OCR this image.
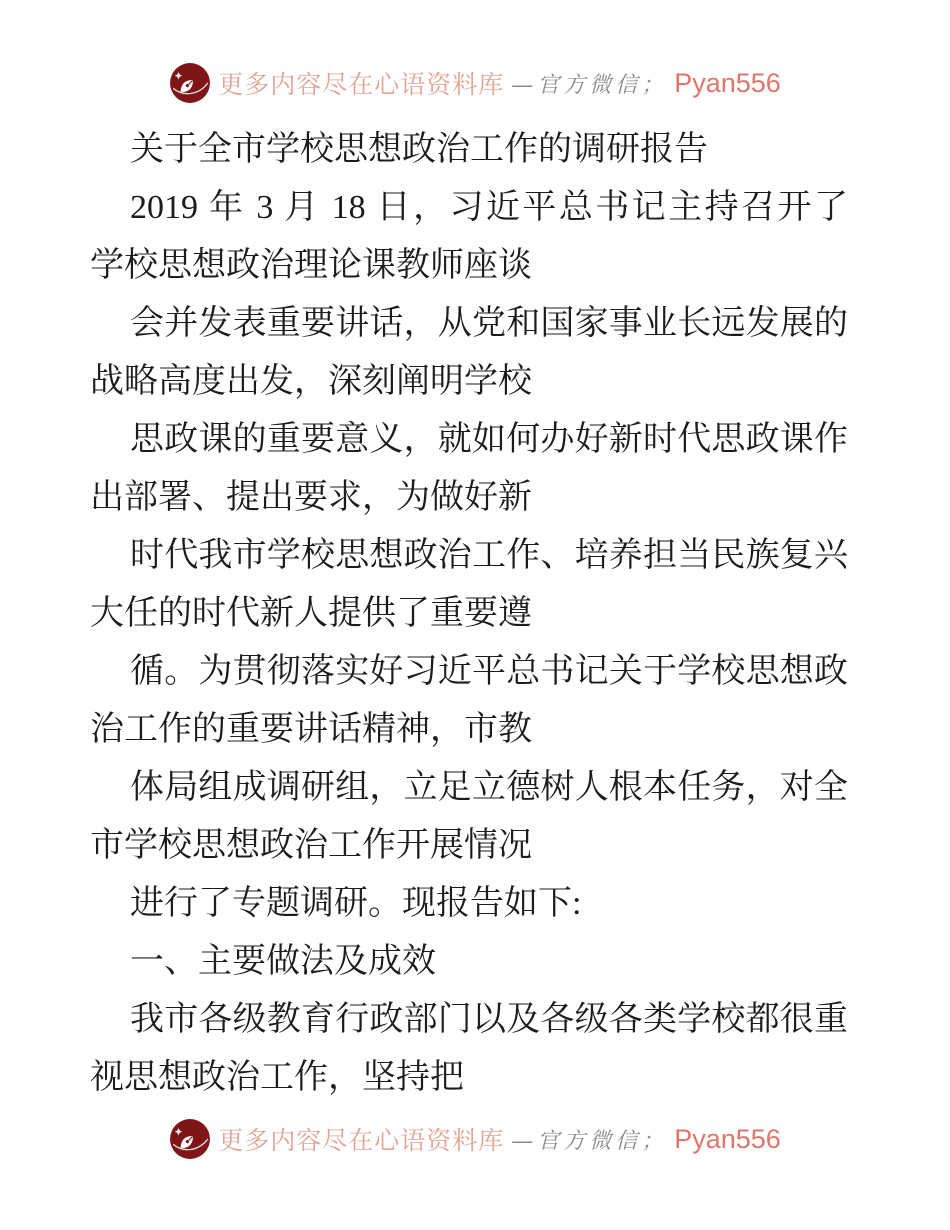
更多内容尽在心语资料库 —官方微信； Pyan556
关于全市学校思想政治工作的调研报告
2019 年 3 月 18 日，习近平总书记主持召开了
学校思想政治理论课教师座谈
会并发表重要讲话，从党和国家事业长远发展的
战略高度出发，深刻阐明学校
思政课的重要意义，就如何办好新时代思政课作
出部署、提出要求，为做好新
时代我市学校思想政治工作、培养担当民族复兴
大任的时代新人提供了重要遵
循。为贯彻落实好习近平总书记关于学校思想政
治工作的重要讲话精神，市教
体局组成调研组，立足立德树人根本任务，对全
市学校思想政治工作开展情况
进行了专题调研。现报告如下:
一、主要做法及成效
我市各级教育行政部门以及各级各类学校都很重
视思想政治工作，坚持把
更多内容尽在心语资料库 —官方微信； Pyan556
